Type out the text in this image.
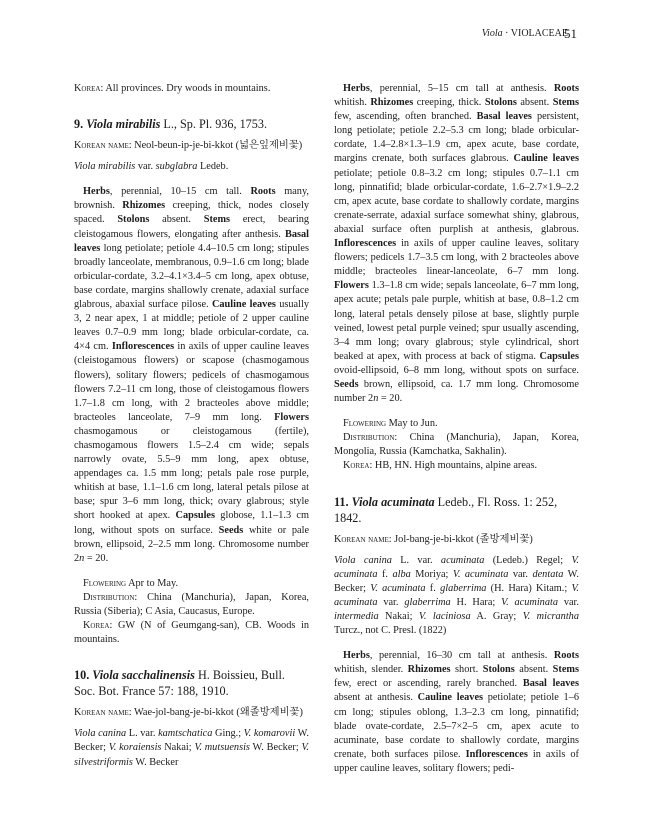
Viola · VIOLACEAE
51

Korea: All provinces. Dry woods in mountains.

9. Viola mirabilis L., Sp. Pl. 936, 1753.

Korean name: Neol-beun-ip-je-bi-kkot (넓은잎제비꽃)

Viola mirabilis var. subglabra Ledeb.

Herbs, perennial, 10–15 cm tall. Roots many, brownish. Rhizomes creeping, thick, nodes closely spaced. Stolons absent. Stems erect, bearing cleistogamous flowers, elongating after anthesis. Basal leaves long petiolate; petiole 4.4–10.5 cm long; stipules broadly lanceolate, membranous, 0.9–1.6 cm long; blade orbicular-cordate, 3.2–4.1×3.4–5 cm long, apex obtuse, base cordate, margins shallowly crenate, adaxial surface glabrous, abaxial surface pilose. Cauline leaves usually 3, 2 near apex, 1 at middle; petiole of 2 upper cauline leaves 0.7–0.9 mm long; blade orbicular-cordate, ca. 4×4 cm. Inflorescences in axils of upper cauline leaves (cleistogamous flowers) or scapose (chasmogamous flowers), solitary flowers; pedicels of chasmogamous flowers 7.2–11 cm long, those of cleistogamous flowers 1.7–1.8 cm long, with 2 bracteoles above middle; bracteoles lanceolate, 7–9 mm long. Flowers chasmogamous or cleistogamous (fertile), chasmogamous flowers 1.5–2.4 cm wide; sepals narrowly ovate, 5.5–9 mm long, apex obtuse, appendages ca. 1.5 mm long; petals pale rose purple, whitish at base, 1.1–1.6 cm long, lateral petals pilose at base; spur 3–6 mm long, thick; ovary glabrous; style short hooked at apex. Capsules globose, 1.1–1.3 cm long, without spots on surface. Seeds white or pale brown, ellipsoid, 2–2.5 mm long. Chromosome number 2n = 20.

Flowering Apr to May.

Distribution: China (Manchuria), Japan, Korea, Russia (Siberia); C Asia, Caucasus, Europe.

Korea: GW (N of Geumgang-san), CB. Woods in mountains.

10. Viola sacchalinensis H. Boissieu, Bull. Soc. Bot. France 57: 188, 1910.

Korean name: Wae-jol-bang-je-bi-kkot (왜졸방제비꽃)

Viola canina L. var. kamtschatica Ging.; V. komarovii W. Becker; V. koraiensis Nakai; V. mutsuensis W. Becker; V. silvestriformis W. Becker

Herbs, perennial, 5–15 cm tall at anthesis. Roots whitish. Rhizomes creeping, thick. Stolons absent. Stems few, ascending, often branched. Basal leaves persistent, long petiolate; petiole 2.2–5.3 cm long; blade orbicular-cordate, 1.4–2.8×1.3–1.9 cm, apex acute, base cordate, margins crenate, both surfaces glabrous. Cauline leaves petiolate; petiole 0.8–3.2 cm long; stipules 0.7–1.1 cm long, pinnatifid; blade orbicular-cordate, 1.6–2.7×1.9–2.2 cm, apex acute, base cordate to shallowly cordate, margins crenate-serrate, adaxial surface somewhat shiny, glabrous, abaxial surface often purplish at anthesis, glabrous. Inflorescences in axils of upper cauline leaves, solitary flowers; pedicels 1.7–3.5 cm long, with 2 bracteoles above middle; bracteoles linear-lanceolate, 6–7 mm long. Flowers 1.3–1.8 cm wide; sepals lanceolate, 6–7 mm long, apex acute; petals pale purple, whitish at base, 0.8–1.2 cm long, lateral petals densely pilose at base, slightly purple veined, lowest petal purple veined; spur usually ascending, 3–4 mm long; ovary glabrous; style cylindrical, short beaked at apex, with process at back of stigma. Capsules ovoid-ellipsoid, 6–8 mm long, without spots on surface. Seeds brown, ellipsoid, ca. 1.7 mm long. Chromosome number 2n = 20.

Flowering May to Jun.

Distribution: China (Manchuria), Japan, Korea, Mongolia, Russia (Kamchatka, Sakhalin).

Korea: HB, HN. High mountains, alpine areas.

11. Viola acuminata Ledeb., Fl. Ross. 1: 252, 1842.

Korean name: Jol-bang-je-bi-kkot (졸방제비꽃)

Viola canina L. var. acuminata (Ledeb.) Regel; V. acuminata f. alba Moriya; V. acuminata var. dentata W. Becker; V. acuminata f. glaberrima (H. Hara) Kitam.; V. acuminata var. glaberrima H. Hara; V. acuminata var. intermedia Nakai; V. laciniosa A. Gray; V. micrantha Turcz., not C. Presl. (1822)

Herbs, perennial, 16–30 cm tall at anthesis. Roots whitish, slender. Rhizomes short. Stolons absent. Stems few, erect or ascending, rarely branched. Basal leaves absent at anthesis. Cauline leaves petiolate; petiole 1–6 cm long; stipules oblong, 1.3–2.3 cm long, pinnatifid; blade ovate-cordate, 2.5–7×2–5 cm, apex acute to acuminate, base cordate to shallowly cordate, margins crenate, both surfaces pilose. Inflorescences in axils of upper cauline leaves, solitary flowers; pedi-
